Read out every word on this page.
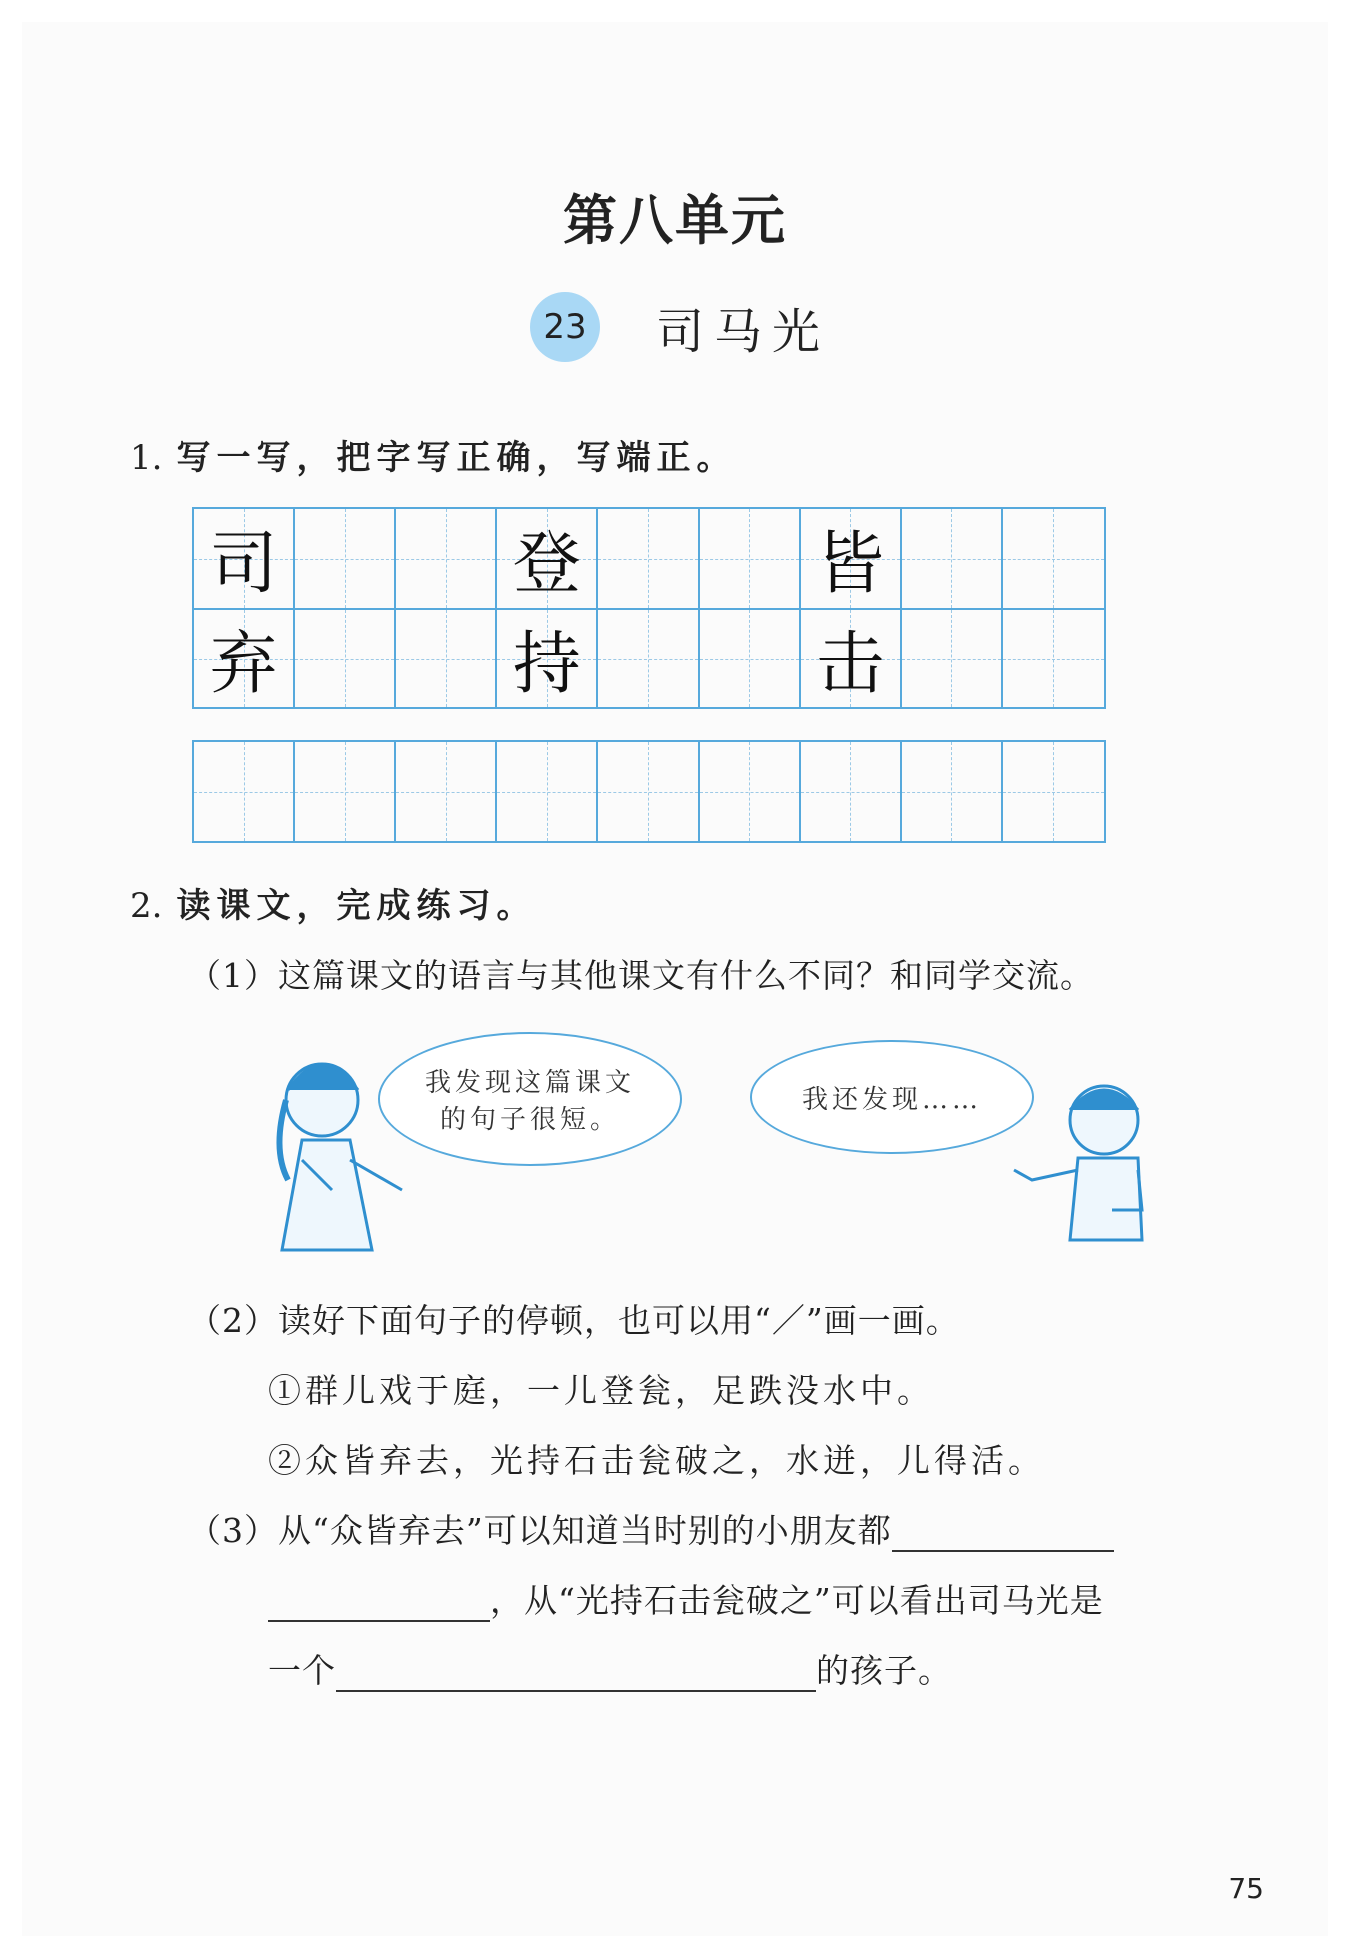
第八单元
23 司马光
1. 写一写，把字写正确，写端正。
司	登	皆
弃	持	击
2. 读课文，完成练习。
（1）这篇课文的语言与其他课文有什么不同？和同学交流。
我发现这篇课文的句子很短。
我还发现……
（2）读好下面句子的停顿，也可以用“／”画一画。
①群儿戏于庭，一儿登瓮，足跌没水中。
②众皆弃去，光持石击瓮破之，水迸，儿得活。
（3）从“众皆弃去”可以知道当时别的小朋友都
，从“光持石击瓮破之”可以看出司马光是
一个	的孩子。
75
